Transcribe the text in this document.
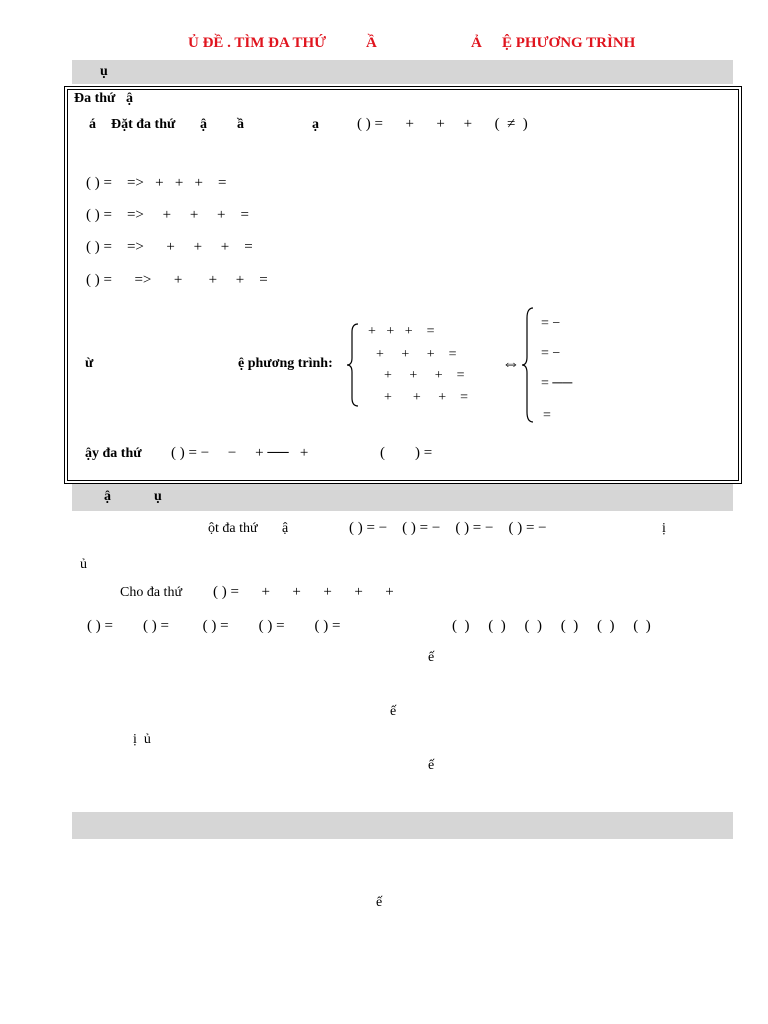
Ủ ĐỀ . TÌM ĐA THỨ	Ầ	Ả Ệ PHƯƠNG TRÌNH
ụ
Đa thứ   ậ
á Đặt đa thứ ậ ầ	ạ	( ) =      +      +     +      (  ≠  )
( ) =    =>   +   +   +    =
( ) =    =>     +     +     +    =
( ) =    =>      +     +     +    =
( ) =      =>      +       +     +    =
ừ	ệ phương trình:
+   +   +    =
+     +     +    =
+     +     +    =
+      +     +    =
⇔
= −
= −
= ──
=
ậy đa thứ ( ) = −     −     + ──   +	(        ) =
ậ	ụ
ột đa thứ ậ	( ) = −    ( ) = −    ( ) = −    ( ) = −	ị
ủ
Cho đa thứ ( ) =      +      +      +      +      +
( ) =        ( ) =         ( ) =        ( ) =        ( ) =	(  )     (  )     (  )     (  )     (  )     (  )
ế
ế
ị  ủ
ế
ế
